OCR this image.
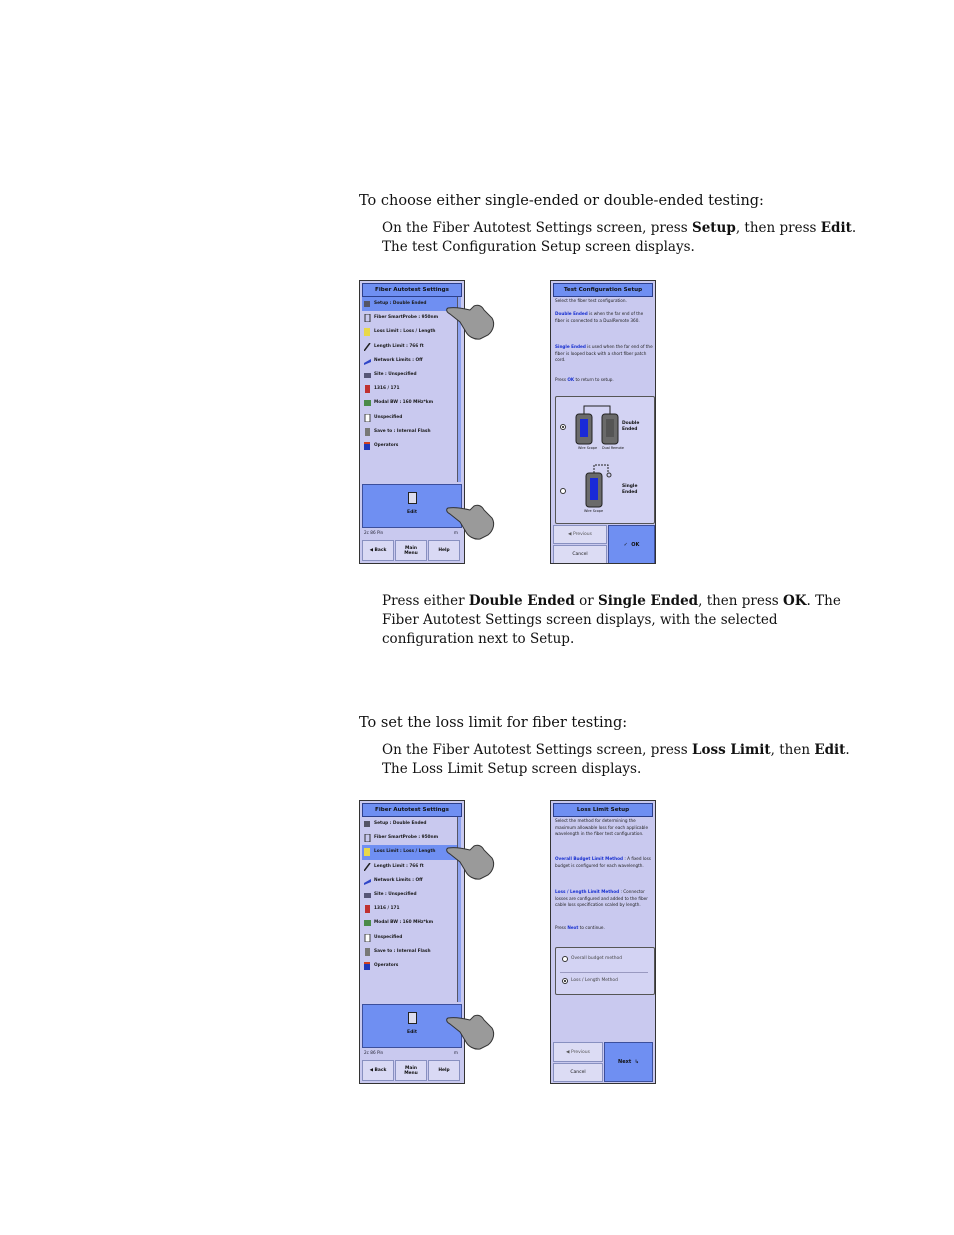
To choose either single-ended or double-ended testing:
On the Fiber Autotest Settings screen, press Setup, then press Edit.
The test Configuration Setup screen displays.
Fiber Autotest Settings
Setup : Double Ended
Fiber SmartProbe : 950nm
Loss Limit : Loss / Length
Length Limit : 766 ft
Network Limits : Off
Site : Unspecified
1316 / 171
Modal BW : 160 MHz*km
Unspecified
Save to : Internal Flash
Operators
Edit
2c 86 Pin	m
◀ Back	Main
Menu	Help
Test Configuration Setup
Select the fiber test configuration.
Double Ended is when the far end of the fiber is connected to a DualRemote 360.
Single Ended is used when the far end of the fiber is looped back with a short fiber patch cord.
Press OK to return to setup.
Wire Scope Dual Remote
Double
Ended
Wire Scope
Single
Ended
◀ Previous
Cancel
✓ OK
Press either Double Ended or Single Ended, then press OK. The
Fiber Autotest Settings screen displays, with the selected
configuration next to Setup.
To set the loss limit for fiber testing:
On the Fiber Autotest Settings screen, press Loss Limit, then Edit.
The Loss Limit Setup screen displays.
Fiber Autotest Settings
Setup : Double Ended
Fiber SmartProbe : 950nm
Loss Limit : Loss / Length
Length Limit : 766 ft
Network Limits : Off
Site : Unspecified
1316 / 171
Modal BW : 160 MHz*km
Unspecified
Save to : Internal Flash
Operators
Edit
2c 86 Pin	m
◀ Back	Main
Menu	Help
Loss Limit Setup
Select the method for determining the maximum allowable loss for each applicable wavelength in the fiber test configuration.
Overall Budget Limit Method : A fixed loss budget is configured for each wavelength.
Loss / Length Limit Method : Connector losses are configured and added to the fiber cable loss specification scaled by length.
Press Next to continue.
Overall budget method
Loss / Length Method
◀ Previous
Cancel
Next
↳
